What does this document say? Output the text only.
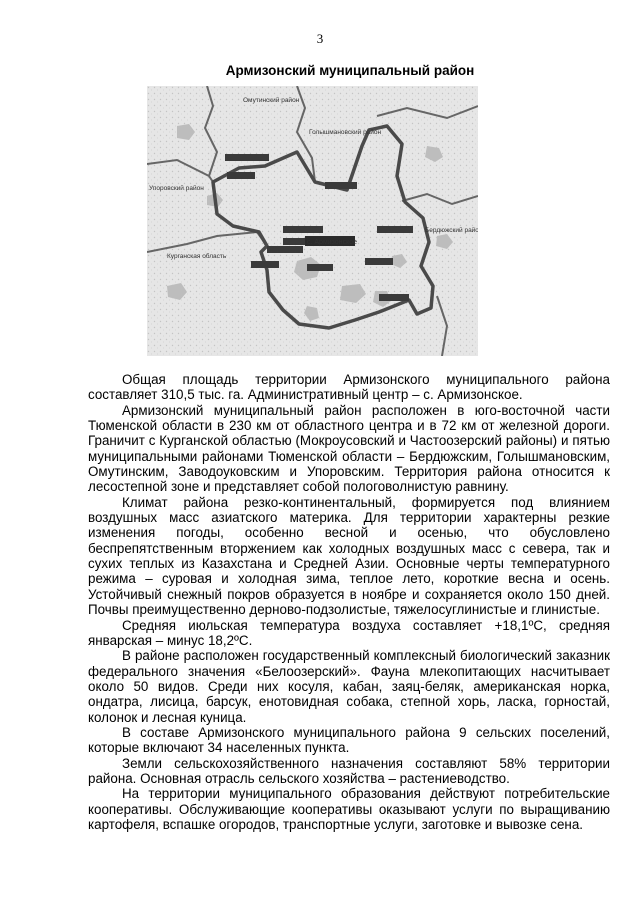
3
Армизонский муниципальный район
с. Армизонское
Омутинский район
Голышмановский район
Упоровский район
Курганская область
Бердюжский район

Общая площадь территории Армизонского муниципального района составляет 310,5 тыс. га. Административный центр – с. Армизонское.

Армизонский муниципальный район расположен в юго-восточной части Тюменской области в 230 км от областного центра и в 72 км от железной дороги. Граничит с Курганской областью (Мокроусовский и Частоозерский районы) и пятью муниципальными районами Тюменской области – Бердюжским, Голышмановским, Омутинским, Заводоуковским и Упоровским. Территория района относится к лесостепной зоне и представляет собой пологоволнистую равнину.

Климат района резко-континентальный, формируется под влиянием воздушных масс азиатского материка. Для территории характерны резкие изменения погоды, особенно весной и осенью, что обусловлено беспрепятственным вторжением как холодных воздушных масс с севера, так и сухих теплых из Казахстана и Средней Азии. Основные черты температурного режима – суровая и холодная зима, теплое лето, короткие весна и осень. Устойчивый снежный покров образуется в ноябре и сохраняется около 150 дней. Почвы преимущественно дерново-подзолистые, тяжелосуглинистые и глинистые.

Средняя июльская температура воздуха составляет +18,1ºС, средняя январская – минус 18,2ºС.

В районе расположен государственный комплексный биологический заказник федерального значения «Белоозерский». Фауна млекопитающих насчитывает около 50 видов. Среди них косуля, кабан, заяц-беляк, американская норка, ондатра, лисица, барсук, енотовидная собака, степной хорь, ласка, горностай, колонок и лесная куница.

В составе Армизонского муниципального района 9 сельских поселений, которые включают 34 населенных пункта.

Земли сельскохозяйственного назначения составляют 58% территории района. Основная отрасль сельского хозяйства – растениеводство.

На территории муниципального образования действуют потребительские кооперативы. Обслуживающие кооперативы оказывают услуги по выращиванию картофеля, вспашке огородов, транспортные услуги, заготовке и вывозке сена.
